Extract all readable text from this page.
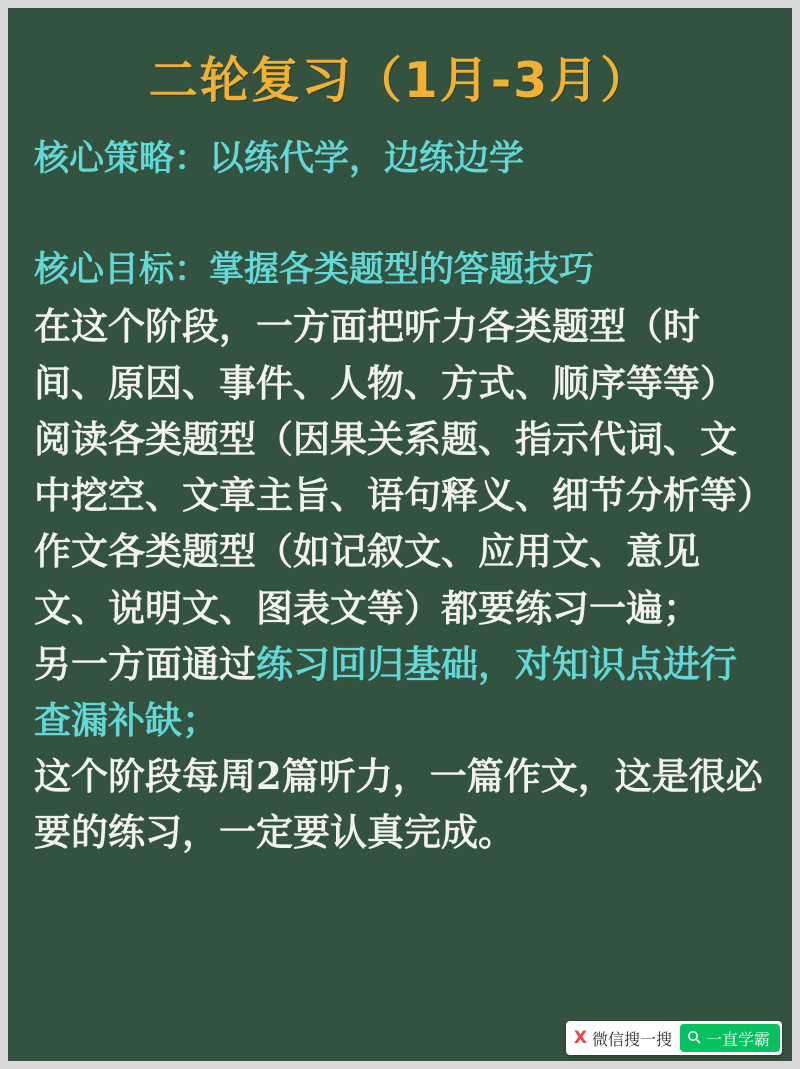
二轮复习（1月-3月）

核心策略：以练代学，边练边学

核心目标：掌握各类题型的答题技巧

在这个阶段，一方面把听力各类题型（时间、原因、事件、人物、方式、顺序等等）阅读各类题型（因果关系题、指示代词、文中挖空、文章主旨、语句释义、细节分析等）作文各类题型（如记叙文、应用文、意见文、说明文、图表文等）都要练习一遍；

另一方面通过练习回归基础，对知识点进行查漏补缺；

这个阶段每周2篇听力，一篇作文，这是很必要的练习，一定要认真完成。

X 微信搜一搜 一直学霸
